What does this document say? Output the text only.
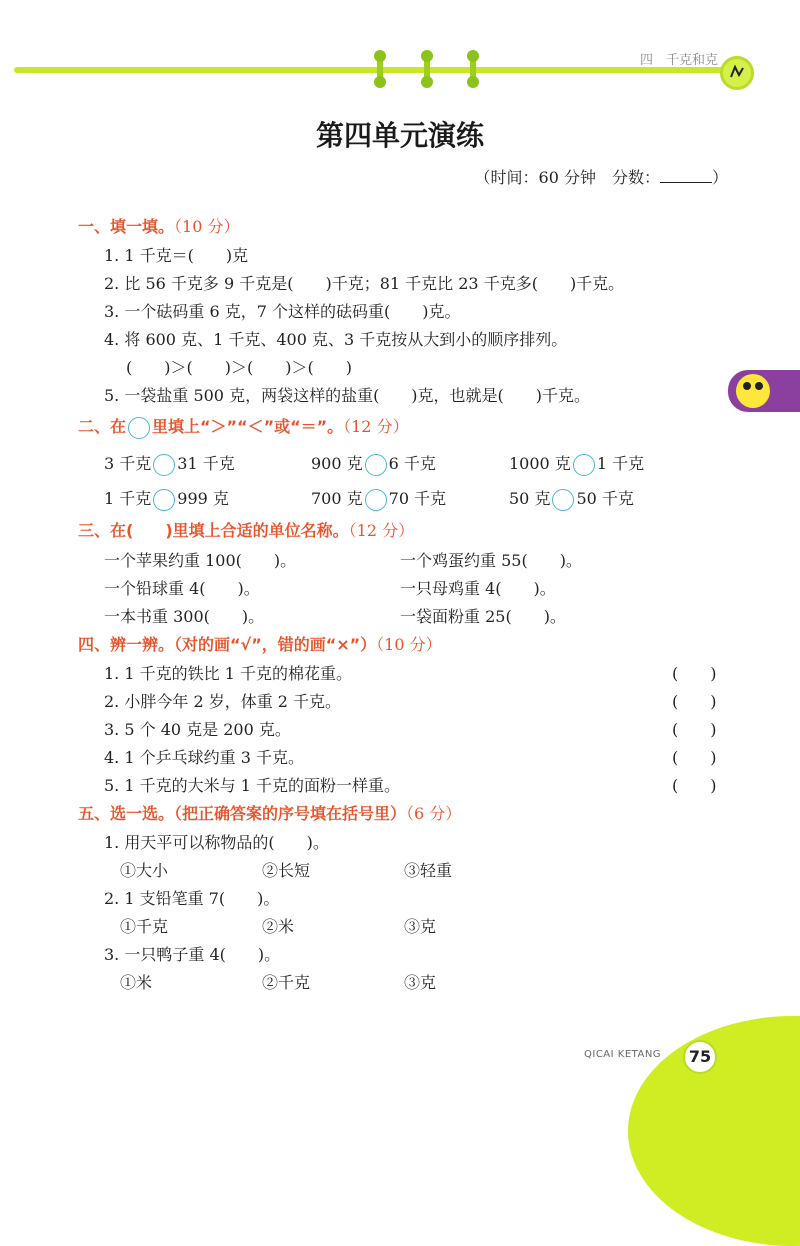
四　千克和克
第四单元演练
（时间：60 分钟　分数：	）
一、填一填。（10 分）
1. 1 千克＝(　　)克
2. 比 56 千克多 9 千克是(　　)千克；81 千克比 23 千克多(　　)千克。
3. 一个砝码重 6 克，7 个这样的砝码重(　　)克。
4. 将 600 克、1 千克、400 克、3 千克按从大到小的顺序排列。
(　　)＞(　　)＞(　　)＞(　　)
5. 一袋盐重 500 克，两袋这样的盐重(　　)克，也就是(　　)千克。
二、在 里填上“＞”“＜”或“＝”。（12 分）
3 千克 31 千克	900 克 6 千克	1000 克 1 千克
1 千克 999 克	700 克 70 千克	50 克 50 千克
三、在(　　)里填上合适的单位名称。（12 分）
一个苹果约重 100(　　)。	一个鸡蛋约重 55(　　)。
一个铅球重 4(　　)。	一只母鸡重 4(　　)。
一本书重 300(　　)。	一袋面粉重 25(　　)。
四、辨一辨。（对的画“√”，错的画“×”）（10 分）
1. 1 千克的铁比 1 千克的棉花重。	(　　)
2. 小胖今年 2 岁，体重 2 千克。	(　　)
3. 5 个 40 克是 200 克。	(　　)
4. 1 个乒乓球约重 3 千克。	(　　)
5. 1 千克的大米与 1 千克的面粉一样重。	(　　)
五、选一选。（把正确答案的序号填在括号里）（6 分）
1. 用天平可以称物品的(　　)。
①大小	②长短	③轻重
2. 1 支铅笔重 7(　　)。
①千克	②米	③克
3. 一只鸭子重 4(　　)。
①米	②千克	③克
QICAI KETANG	75
